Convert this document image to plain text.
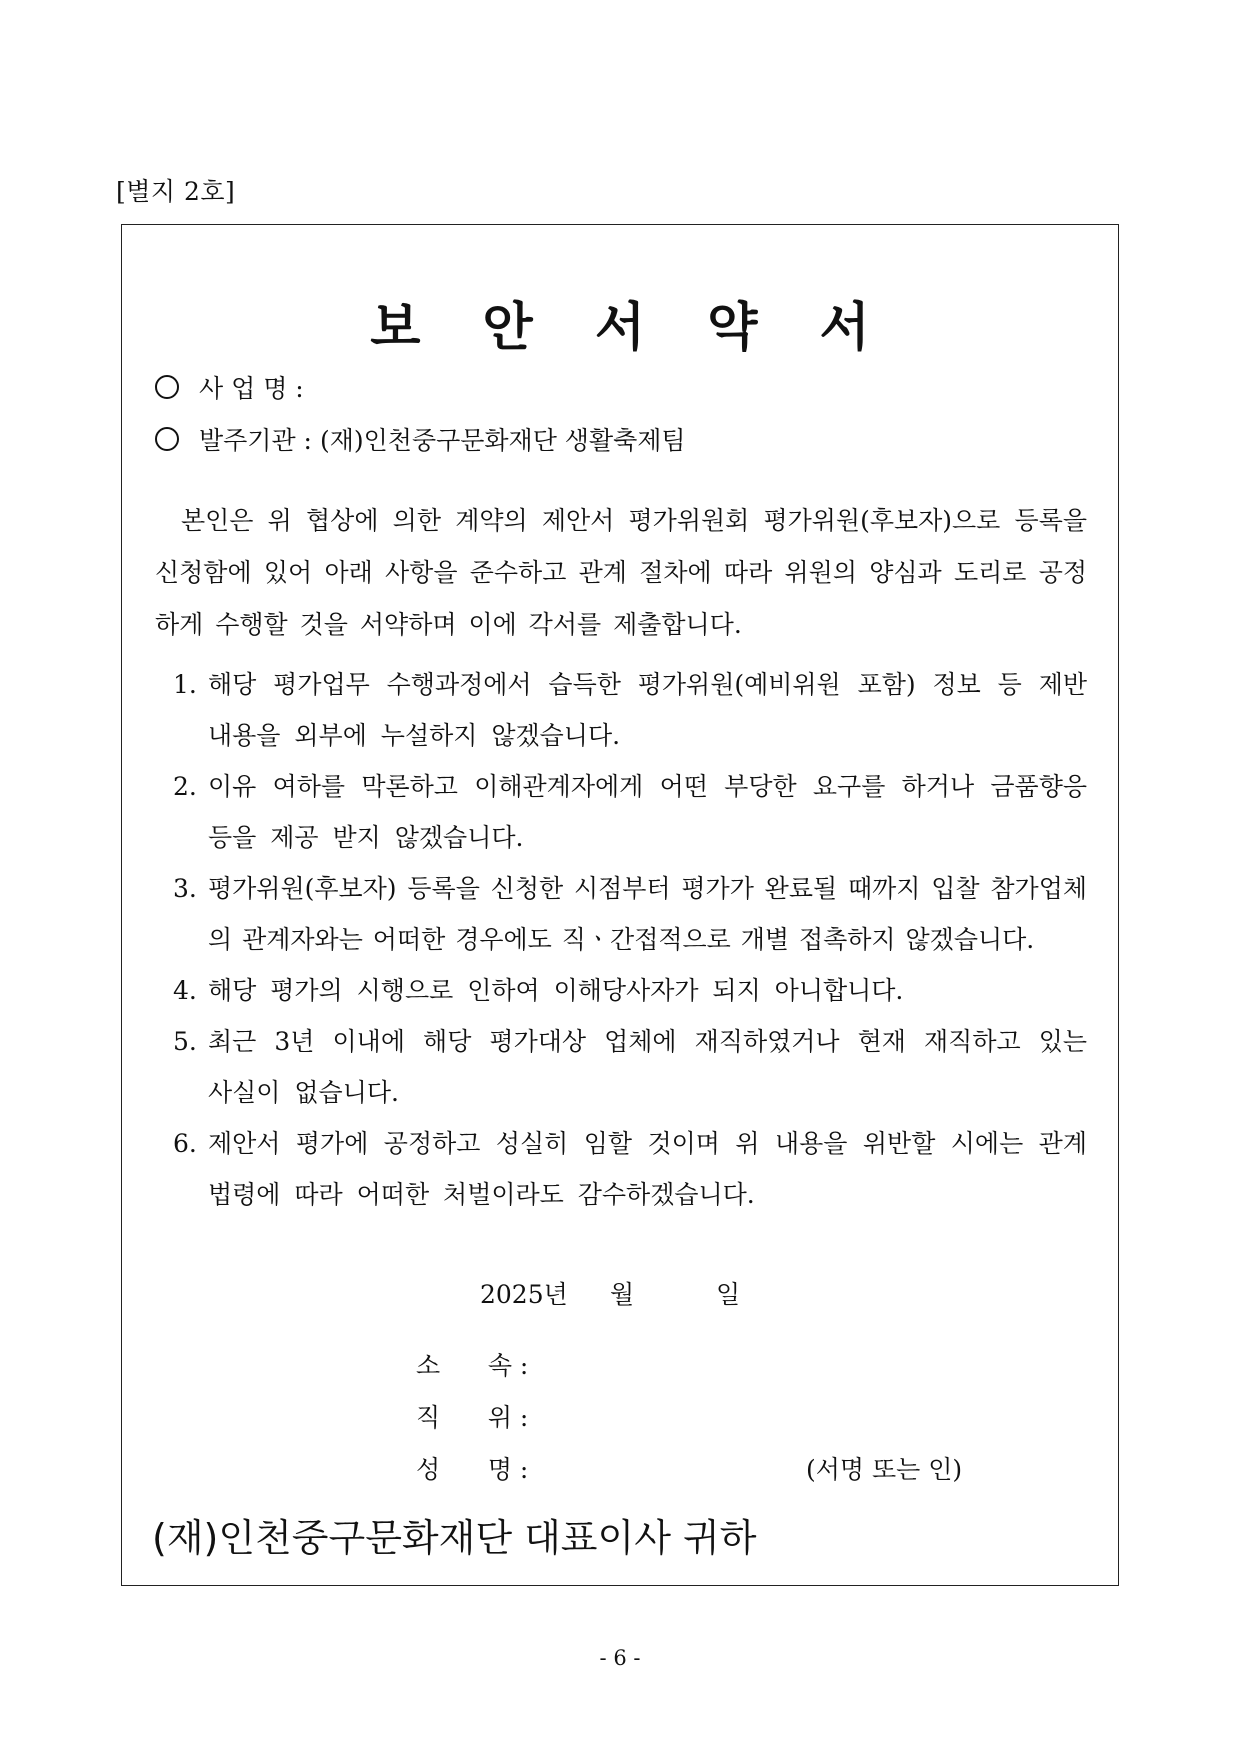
[별지 2호]
보 안 서 약 서
사 업 명 :
발주기관 : (재)인천중구문화재단 생활축제팀
본인은 위 협상에 의한 계약의 제안서 평가위원회 평가위원(후보자)으로 등록을 신청함에 있어 아래 사항을 준수하고 관계 절차에 따라 위원의 양심과 도리로 공정하게 수행할 것을 서약하며 이에 각서를 제출합니다.
1. 해당 평가업무 수행과정에서 습득한 평가위원(예비위원 포함) 정보 등 제반내용을 외부에 누설하지 않겠습니다.
2. 이유 여하를 막론하고 이해관계자에게 어떤 부당한 요구를 하거나 금품향응 등을 제공 받지 않겠습니다.
3. 평가위원(후보자) 등록을 신청한 시점부터 평가가 완료될 때까지 입찰 참가업체의 관계자와는 어떠한 경우에도 직ㆍ간접적으로 개별 접촉하지 않겠습니다.
4. 해당 평가의 시행으로 인하여 이해당사자가 되지 아니합니다.
5. 최근 3년 이내에 해당 평가대상 업체에 재직하였거나 현재 재직하고 있는 사실이 없습니다.
6. 제안서 평가에 공정하고 성실히 임할 것이며 위 내용을 위반할 시에는 관계법령에 따라 어떠한 처벌이라도 감수하겠습니다.
2025년	월	일
소      속 :
직      위 :
성      명 :	(서명 또는 인)
(재)인천중구문화재단 대표이사 귀하
- 6 -
